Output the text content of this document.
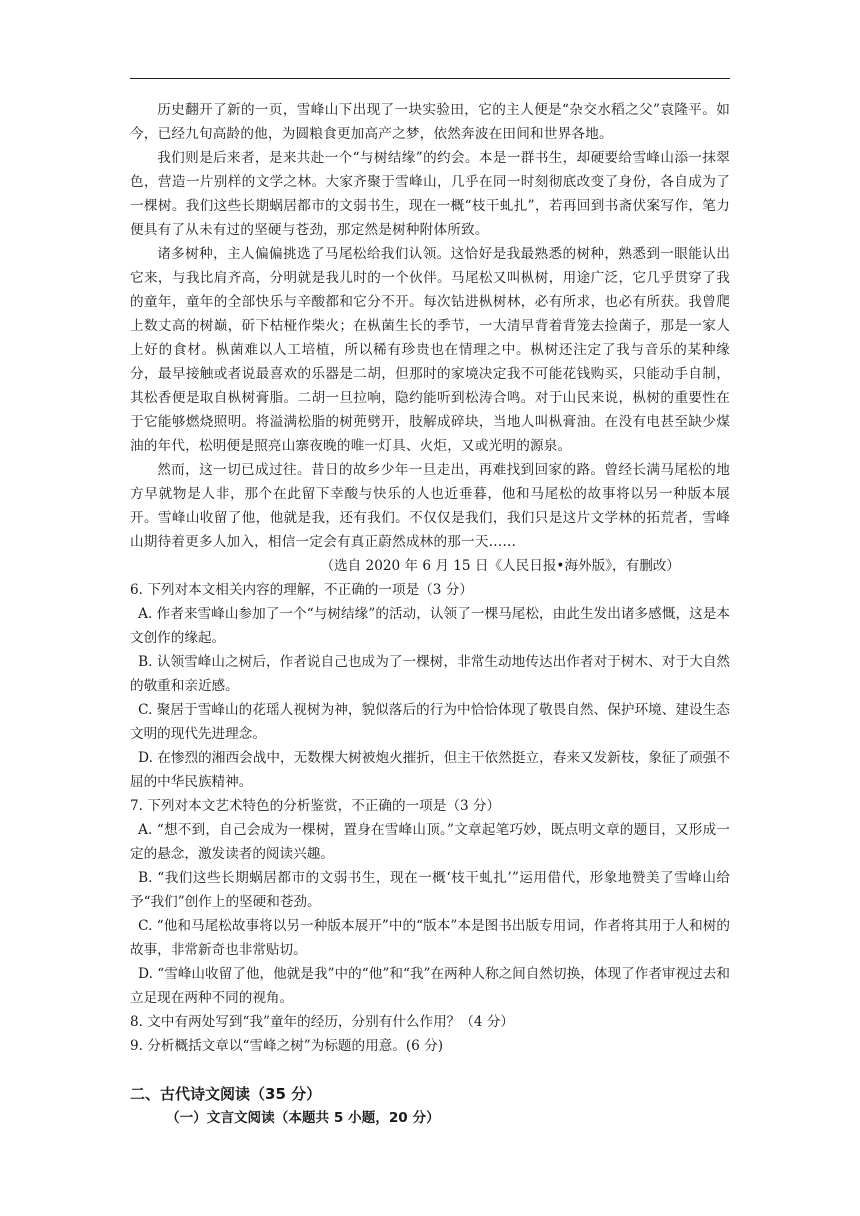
历史翻开了新的一页，雪峰山下出现了一块实验田，它的主人便是“杂交水稻之父”袁隆平。如今，已经九旬高龄的他，为圆粮食更加高产之梦，依然奔波在田间和世界各地。

我们则是后来者，是来共赴一个“与树结缘”的约会。本是一群书生，却硬要给雪峰山添一抹翠色，营造一片别样的文学之林。大家齐聚于雪峰山，几乎在同一时刻彻底改变了身份，各自成为了一棵树。我们这些长期蜗居都市的文弱书生，现在一概“枝干虬扎”，若再回到书斋伏案写作，笔力便具有了从未有过的坚硬与苍劲，那定然是树种附体所致。

诸多树种，主人偏偏挑选了马尾松给我们认领。这恰好是我最熟悉的树种，熟悉到一眼能认出它来，与我比肩齐高，分明就是我儿时的一个伙伴。马尾松又叫枞树，用途广泛，它几乎贯穿了我的童年，童年的全部快乐与辛酸都和它分不开。每次钻进枞树林，必有所求，也必有所获。我曾爬上数丈高的树巅，斫下枯桠作柴火；在枞菌生长的季节，一大清早背着背笼去捡菌子，那是一家人上好的食材。枞菌难以人工培植，所以稀有珍贵也在情理之中。枞树还注定了我与音乐的某种缘分，最早接触或者说最喜欢的乐器是二胡，但那时的家境决定我不可能花钱购买，只能动手自制，其松香便是取自枞树膏脂。二胡一旦拉响，隐约能听到松涛合鸣。对于山民来说，枞树的重要性在于它能够燃烧照明。将溢满松脂的树蔸劈开，肢解成碎块，当地人叫枞膏油。在没有电甚至缺少煤油的年代，松明便是照亮山寨夜晚的唯一灯具、火炬，又或光明的源泉。

然而，这一切已成过往。昔日的故乡少年一旦走出，再难找到回家的路。曾经长满马尾松的地方早就物是人非，那个在此留下幸酸与快乐的人也近垂暮，他和马尾松的故事将以另一种版本展开。雪峰山收留了他，他就是我，还有我们。不仅仅是我们，我们只是这片文学林的拓荒者，雪峰山期待着更多人加入，相信一定会有真正蔚然成林的那一天……

（选自 2020 年 6 月 15 日《人民日报•海外版》，有删改）

6. 下列对本文相关内容的理解，不正确的一项是（3 分）

A. 作者来雪峰山参加了一个“与树结缘”的活动，认领了一棵马尾松，由此生发出诸多感慨，这是本文创作的缘起。

B. 认领雪峰山之树后，作者说自己也成为了一棵树，非常生动地传达出作者对于树木、对于大自然的敬重和亲近感。

C. 聚居于雪峰山的花瑶人视树为神，貌似落后的行为中恰恰体现了敬畏自然、保护环境、建设生态文明的现代先进理念。

D. 在惨烈的湘西会战中，无数棵大树被炮火摧折，但主干依然挺立，春来又发新枝，象征了顽强不屈的中华民族精神。

7. 下列对本文艺术特色的分析鉴赏，不正确的一项是（3 分）

A. “想不到，自己会成为一棵树，置身在雪峰山顶。”文章起笔巧妙，既点明文章的题目，又形成一定的悬念，激发读者的阅读兴趣。

B. “我们这些长期蜗居都市的文弱书生，现在一概‘枝干虬扎’”运用借代，形象地赞美了雪峰山给予“我们”创作上的坚硬和苍劲。

C. “他和马尾松故事将以另一种版本展开”中的“版本”本是图书出版专用词，作者将其用于人和树的故事，非常新奇也非常贴切。

D. “雪峰山收留了他，他就是我”中的“他”和“我”在两种人称之间自然切换，体现了作者审视过去和立足现在两种不同的视角。

8. 文中有两处写到“我”童年的经历，分别有什么作用？（4 分）

9. 分析概括文章以“雪峰之树”为标题的用意。(6 分)

二、古代诗文阅读（35 分）
（一）文言文阅读（本题共 5 小题，20 分）
